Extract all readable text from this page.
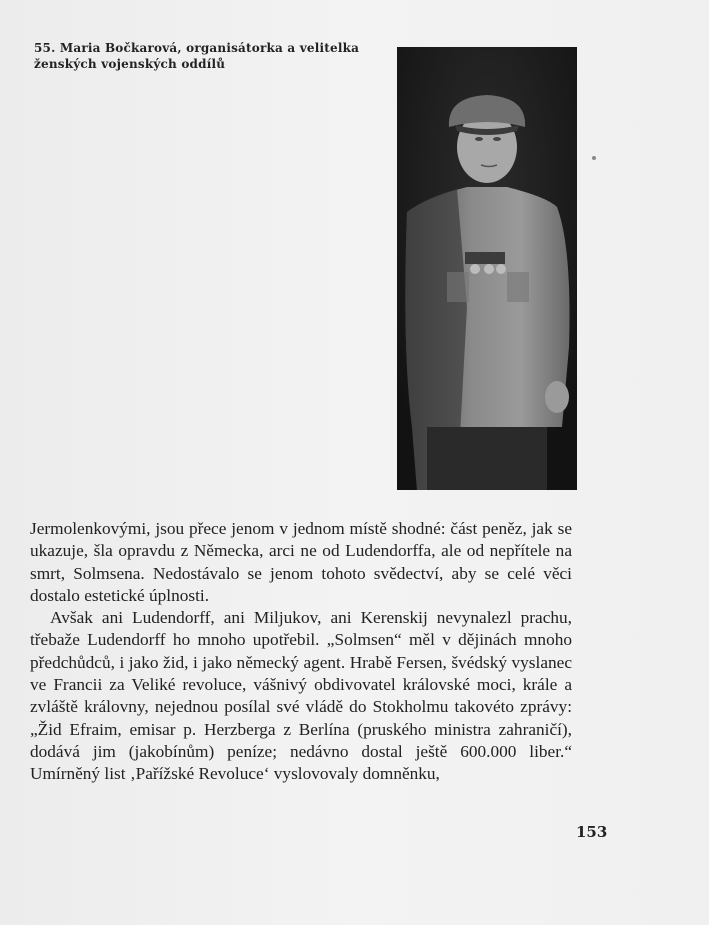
55. Maria Bočkarová, organisátorka a velitelka
ženských vojenských oddílů

Jermolenkovými, jsou přece jenom v jednom místě shodné: část peněz, jak se ukazuje, šla opravdu z Německa, arci ne od Ludendorffa, ale od nepřítele na smrt, Solmsena. Nedostávalo se jenom tohoto svědectví, aby se celé věci dostalo estetické úplnosti.

Avšak ani Ludendorff, ani Miljukov, ani Kerenskij nevynalezl prachu, třebaže Ludendorff ho mnoho upotřebil. „Solmsen“ měl v dějinách mnoho předchůdců, i jako žid, i jako německý agent. Hrabě Fersen, švédský vyslanec ve Francii za Veliké revoluce, vášnivý obdivovatel královské moci, krále a zvláště královny, nejednou posílal své vládě do Stokholmu takovéto zprávy: „Žid Efraim, emisar p. Herzberga z Berlína (pruského ministra zahraničí), dodává jim (jakobínům) peníze; nedávno dostal ještě 600.000 liber.“ Umírněný list ‚Pařížské Revoluce‘ vyslovovaly domněnku,

153
